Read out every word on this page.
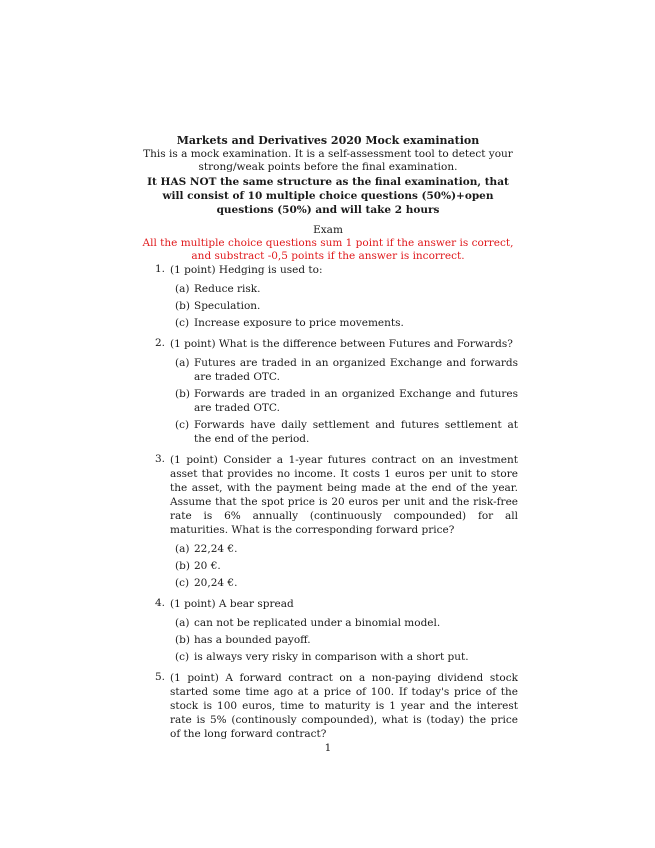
Markets and Derivatives 2020 Mock examination
This is a mock examination. It is a self-assessment tool to detect your strong/weak points before the final examination.
It HAS NOT the same structure as the final examination, that will consist of 10 multiple choice questions (50%)+open questions (50%) and will take 2 hours
Exam
All the multiple choice questions sum 1 point if the answer is correct, and substract -0,5 points if the answer is incorrect.
1. (1 point) Hedging is used to:
(a) Reduce risk.
(b) Speculation.
(c) Increase exposure to price movements.
2. (1 point) What is the difference between Futures and Forwards?
(a) Futures are traded in an organized Exchange and forwards are traded OTC.
(b) Forwards are traded in an organized Exchange and futures are traded OTC.
(c) Forwards have daily settlement and futures settlement at the end of the period.
3. (1 point) Consider a 1-year futures contract on an investment asset that provides no income. It costs 1 euros per unit to store the asset, with the payment being made at the end of the year. Assume that the spot price is 20 euros per unit and the risk-free rate is 6% annually (continuously compounded) for all maturities. What is the corresponding forward price?
(a) 22,24 €.
(b) 20 €.
(c) 20,24 €.
4. (1 point) A bear spread
(a) can not be replicated under a binomial model.
(b) has a bounded payoff.
(c) is always very risky in comparison with a short put.
5. (1 point) A forward contract on a non-paying dividend stock started some time ago at a price of 100. If today's price of the stock is 100 euros, time to maturity is 1 year and the interest rate is 5% (continously compounded), what is (today) the price of the long forward contract?
1
